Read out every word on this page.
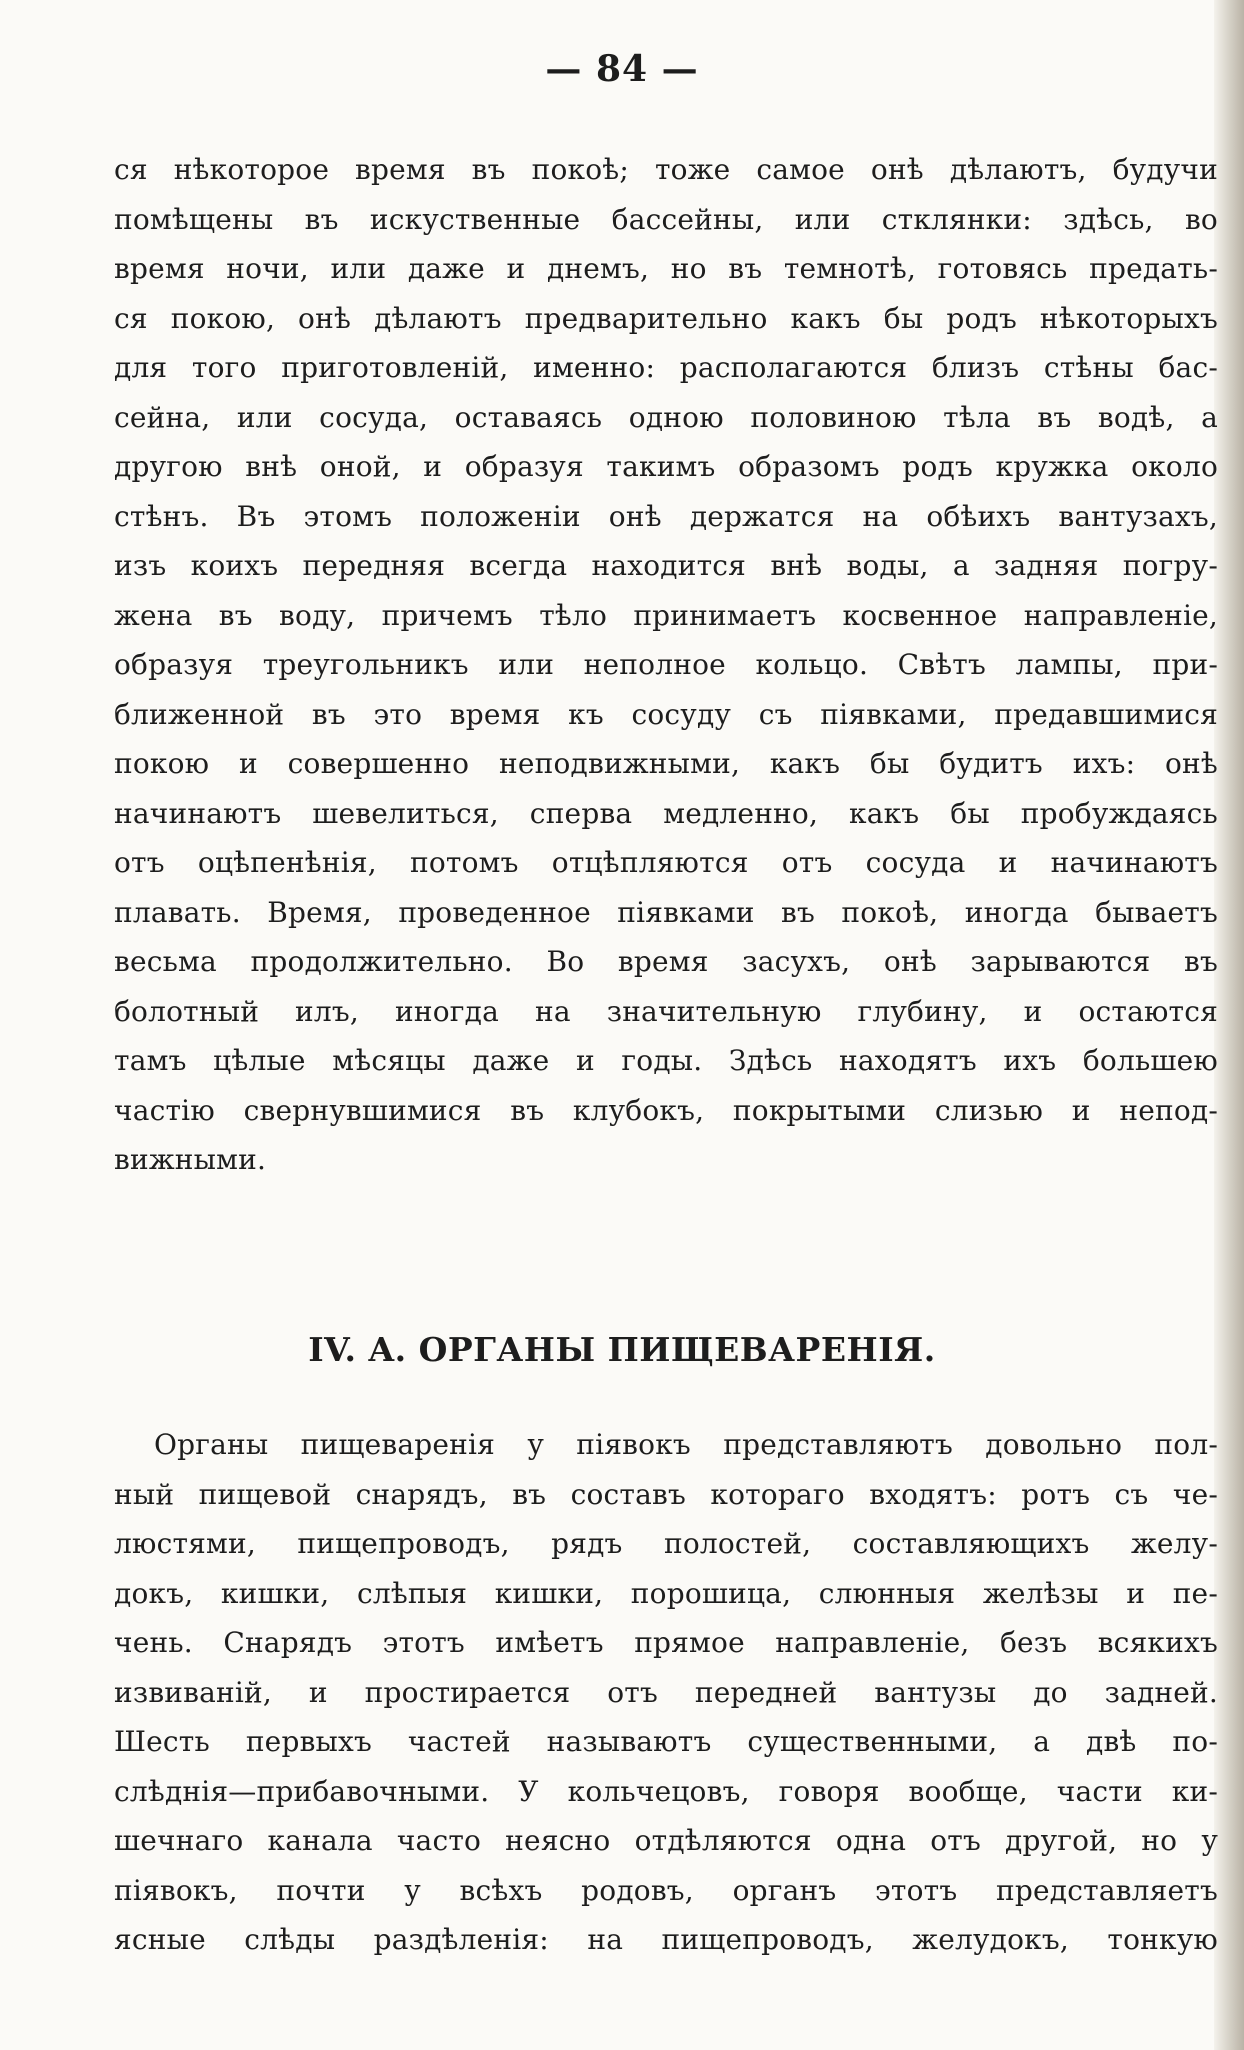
— 84 —
ся нѣкоторое время въ покоѣ; тоже самое онѣ дѣлаютъ, будучи
помѣщены въ искуственные бассейны, или стклянки: здѣсь, во
время ночи, или даже и днемъ, но въ темнотѣ, готовясь предать-
ся покою, онѣ дѣлаютъ предварительно какъ бы родъ нѣкоторыхъ
для того приготовленій, именно: располагаются близъ стѣны бас-
сейна, или сосуда, оставаясь одною половиною тѣла въ водѣ, а
другою внѣ оной, и образуя такимъ образомъ родъ кружка около
стѣнъ. Въ этомъ положеніи онѣ держатся на обѣихъ вантузахъ,
изъ коихъ передняя всегда находится внѣ воды, а задняя погру-
жена въ воду, причемъ тѣло принимаетъ косвенное направленіе,
образуя треугольникъ или неполное кольцо. Свѣтъ лампы, при-
ближенной въ это время къ сосуду съ піявками, предавшимися
покою и совершенно неподвижными, какъ бы будитъ ихъ: онѣ
начинаютъ шевелиться, сперва медленно, какъ бы пробуждаясь
отъ оцѣпенѣнія, потомъ отцѣпляются отъ сосуда и начинаютъ
плавать. Время, проведенное піявками въ покоѣ, иногда бываетъ
весьма продолжительно. Во время засухъ, онѣ зарываются въ
болотный илъ, иногда на значительную глубину, и остаются
тамъ цѣлые мѣсяцы даже и годы. Здѣсь находятъ ихъ большею
частію свернувшимися въ клубокъ, покрытыми слизью и непод-
вижными.
IV. A. ОРГАНЫ ПИЩЕВАРЕНІЯ.
Органы пищеваренія у піявокъ представляютъ довольно пол-
ный пищевой снарядъ, въ составъ котораго входятъ: ротъ съ че-
люстями, пищепроводъ, рядъ полостей, составляющихъ желу-
докъ, кишки, слѣпыя кишки, порошица, слюнныя желѣзы и пе-
чень. Снарядъ этотъ имѣетъ прямое направленіе, безъ всякихъ
извиваній, и простирается отъ передней вантузы до задней.
Шесть первыхъ частей называютъ существенными, а двѣ по-
слѣднія—прибавочными. У кольчецовъ, говоря вообще, части ки-
шечнаго канала часто неясно отдѣляются одна отъ другой, но у
піявокъ, почти у всѣхъ родовъ, органъ этотъ представляетъ
ясные слѣды раздѣленія: на пищепроводъ, желудокъ, тонкую
